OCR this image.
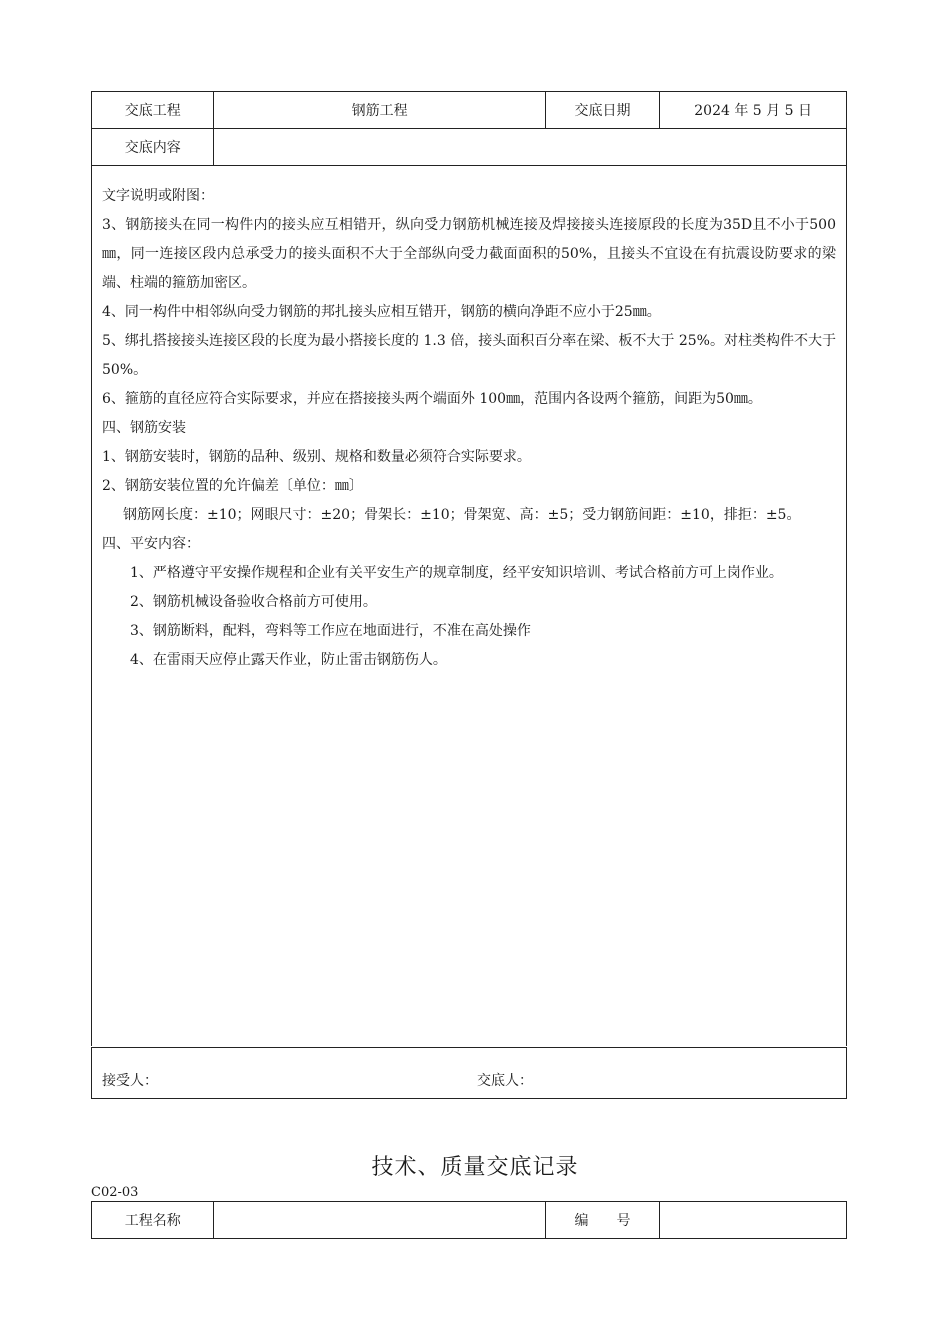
交底工程	钢筋工程	交底日期	2024 年 5 月 5 日
交底内容			

文字说明或附图：

3、钢筋接头在同一构件内的接头应互相错开，纵向受力钢筋机械连接及焊接接头连接原段的长度为35D且不小于500㎜，同一连接区段内总承受力的接头面积不大于全部纵向受力截面面积的50%，且接头不宜设在有抗震设防要求的梁端、柱端的箍筋加密区。

4、同一构件中相邻纵向受力钢筋的邦扎接头应相互错开，钢筋的横向净距不应小于25㎜。

5、绑扎搭接接头连接区段的长度为最小搭接长度的 1.3 倍，接头面积百分率在梁、板不大于 25%。对柱类构件不大于50%。

6、箍筋的直径应符合实际要求，并应在搭接接头两个端面外 100㎜，范围内各设两个箍筋，间距为50㎜。

四、钢筋安装

1、钢筋安装时，钢筋的品种、级别、规格和数量必须符合实际要求。

2、钢筋安装位置的允许偏差〔单位：㎜〕

钢筋网长度：±10；网眼尺寸：±20；骨架长：±10；骨架宽、高：±5；受力钢筋间距：±10，排拒：±5。

四、平安内容：

1、严格遵守平安操作规程和企业有关平安生产的规章制度，经平安知识培训、考试合格前方可上岗作业。

2、钢筋机械设备验收合格前方可使用。

3、钢筋断料，配料，弯料等工作应在地面进行，不准在高处操作

4、在雷雨天应停止露天作业，防止雷击钢筋伤人。

接受人：	交底人：
技术、质量交底记录
C02-03
工程名称		编　　号	
